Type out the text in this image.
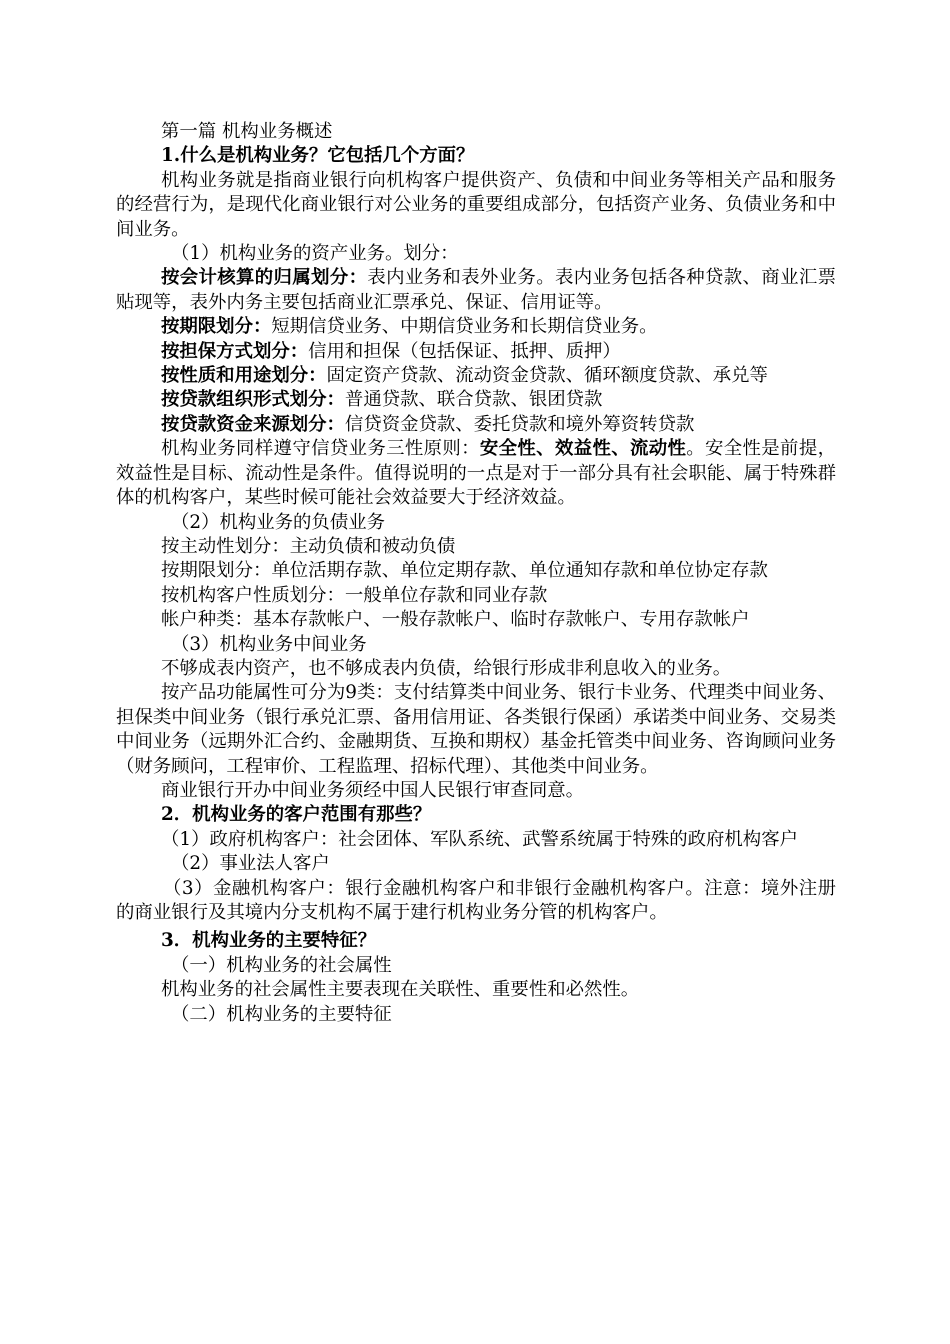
第一篇 机构业务概述

1.什么是机构业务？它包括几个方面？

机构业务就是指商业银行向机构客户提供资产、负债和中间业务等相关产品和服务的经营行为，是现代化商业银行对公业务的重要组成部分，包括资产业务、负债业务和中间业务。

（1）机构业务的资产业务。划分：

按会计核算的归属划分：表内业务和表外业务。表内业务包括各种贷款、商业汇票贴现等，表外内务主要包括商业汇票承兑、保证、信用证等。

按期限划分：短期信贷业务、中期信贷业务和长期信贷业务。

按担保方式划分：信用和担保（包括保证、抵押、质押）

按性质和用途划分：固定资产贷款、流动资金贷款、循环额度贷款、承兑等

按贷款组织形式划分：普通贷款、联合贷款、银团贷款

按贷款资金来源划分：信贷资金贷款、委托贷款和境外筹资转贷款

机构业务同样遵守信贷业务三性原则：安全性、效益性、流动性。安全性是前提，效益性是目标、流动性是条件。值得说明的一点是对于一部分具有社会职能、属于特殊群体的机构客户，某些时候可能社会效益要大于经济效益。

（2）机构业务的负债业务

按主动性划分：主动负债和被动负债

按期限划分：单位活期存款、单位定期存款、单位通知存款和单位协定存款

按机构客户性质划分：一般单位存款和同业存款

帐户种类：基本存款帐户、一般存款帐户、临时存款帐户、专用存款帐户

（3）机构业务中间业务

不够成表内资产，也不够成表内负债，给银行形成非利息收入的业务。

按产品功能属性可分为9类：支付结算类中间业务、银行卡业务、代理类中间业务、担保类中间业务（银行承兑汇票、备用信用证、各类银行保函）承诺类中间业务、交易类中间业务（远期外汇合约、金融期货、互换和期权）基金托管类中间业务、咨询顾问业务（财务顾问，工程审价、工程监理、招标代理）、其他类中间业务。

商业银行开办中间业务须经中国人民银行审查同意。

2．机构业务的客户范围有那些？

（1）政府机构客户：社会团体、军队系统、武警系统属于特殊的政府机构客户

（2）事业法人客户

（3）金融机构客户：银行金融机构客户和非银行金融机构客户。注意：境外注册的商业银行及其境内分支机构不属于建行机构业务分管的机构客户。

3．机构业务的主要特征？

（一）机构业务的社会属性

机构业务的社会属性主要表现在关联性、重要性和必然性。

（二）机构业务的主要特征
